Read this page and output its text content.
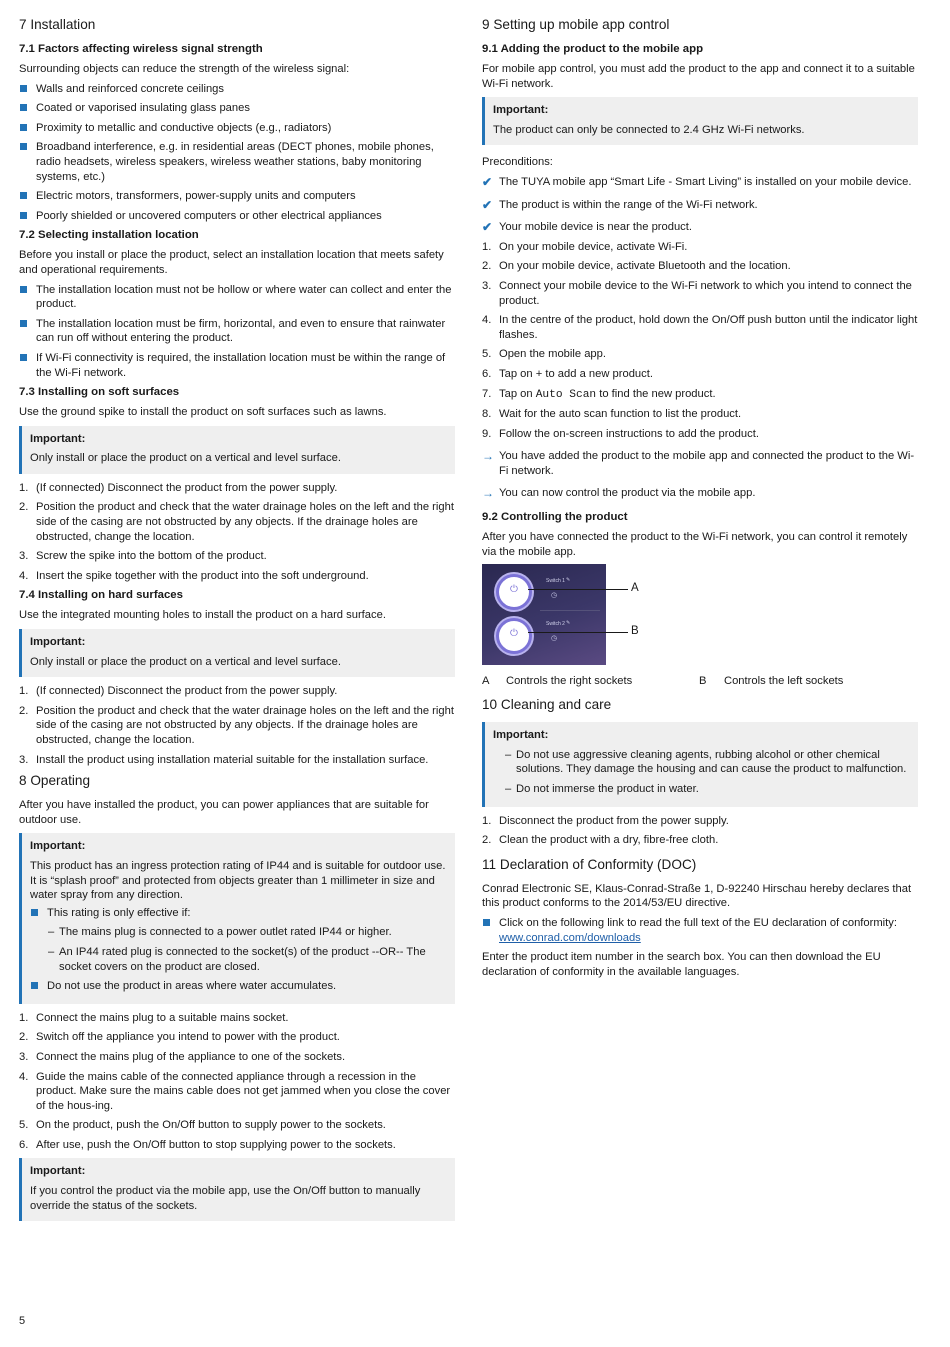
7 Installation
7.1 Factors affecting wireless signal strength

Surrounding objects can reduce the strength of the wireless signal:

Walls and reinforced concrete ceilings
Coated or vaporised insulating glass panes
Proximity to metallic and conductive objects (e.g., radiators)
Broadband interference, e.g. in residential areas (DECT phones, mobile phones, radio headsets, wireless speakers, wireless weather stations, baby monitoring systems, etc.)
Electric motors, transformers, power-supply units and computers
Poorly shielded or uncovered computers or other electrical appliances
7.2 Selecting installation location

Before you install or place the product, select an installation location that meets safety and operational requirements.

The installation location must not be hollow or where water can collect and enter the product.
The installation location must be firm, horizontal, and even to ensure that rainwater can run off without entering the product.
If Wi-Fi connectivity is required, the installation location must be within the range of the Wi-Fi network.
7.3 Installing on soft surfaces

Use the ground spike to install the product on soft surfaces such as lawns.

Important:

Only install or place the product on a vertical and level surface.

1. (If connected) Disconnect the product from the power supply.
2. Position the product and check that the water drainage holes on the left and the right side of the casing are not obstructed by any objects. If the drainage holes are obstructed, change the location.
3. Screw the spike into the bottom of the product.
4. Insert the spike together with the product into the soft underground.
7.4 Installing on hard surfaces

Use the integrated mounting holes to install the product on a hard surface.

Important:

Only install or place the product on a vertical and level surface.

1. (If connected) Disconnect the product from the power supply.
2. Position the product and check that the water drainage holes on the left and the right side of the casing are not obstructed by any objects. If the drainage holes are obstructed, change the location.
3. Install the product using installation material suitable for the installation surface.
8 Operating

After you have installed the product, you can power appliances that are suitable for outdoor use.

Important:

This product has an ingress protection rating of IP44 and is suitable for outdoor use. It is “splash proof” and protected from objects greater than 1 millimeter in size and water spray from any direction.

This rating is only effective if:
– The mains plug is connected to a power outlet rated IP44 or higher.
– An IP44 rated plug is connected to the socket(s) of the product --OR-- The socket covers on the product are closed.
Do not use the product in areas where water accumulates.
1. Connect the mains plug to a suitable mains socket.
2. Switch off the appliance you intend to power with the product.
3. Connect the mains plug of the appliance to one of the sockets.
4. Guide the mains cable of the connected appliance through a recession in the product. Make sure the mains cable does not get jammed when you close the cover of the hous-ing.
5. On the product, push the On/Off button to supply power to the sockets.
6. After use, push the On/Off button to stop supplying power to the sockets.
Important:

If you control the product via the mobile app, use the On/Off button to manually override the status of the sockets.

9 Setting up mobile app control
9.1 Adding the product to the mobile app

For mobile app control, you must add the product to the app and connect it to a suitable Wi-Fi network.

Important:

The product can only be connected to 2.4 GHz Wi-Fi networks.

Preconditions:

✔ The TUYA mobile app “Smart Life - Smart Living” is installed on your mobile device.
✔ The product is within the range of the Wi-Fi network.
✔ Your mobile device is near the product.
1. On your mobile device, activate Wi-Fi.
2. On your mobile device, activate Bluetooth and the location.
3. Connect your mobile device to the Wi-Fi network to which you intend to connect the product.
4. In the centre of the product, hold down the On/Off push button until the indicator light flashes.
5. Open the mobile app.
6. Tap on + to add a new product.
7. Tap on Auto Scan to find the new product.
8. Wait for the auto scan function to list the product.
9. Follow the on-screen instructions to add the product.
→ You have added the product to the mobile app and connected the product to the Wi-Fi network.
→ You can now control the product via the mobile app.
9.2 Controlling the product

After you have connected the product to the Wi-Fi network, you can control it remotely via the mobile app.

⏻
Switch 1 ✎
◷
⏻
Switch 2 ✎
◷
A
B
A Controls the right sockets	B Controls the left sockets
10 Cleaning and care
Important:
– Do not use aggressive cleaning agents, rubbing alcohol or other chemical solutions. They damage the housing and can cause the product to malfunction.
– Do not immerse the product in water.
1. Disconnect the product from the power supply.
2. Clean the product with a dry, fibre-free cloth.
11 Declaration of Conformity (DOC)

Conrad Electronic SE, Klaus-Conrad-Straße 1, D-92240 Hirschau hereby declares that this product conforms to the 2014/53/EU directive.

Click on the following link to read the full text of the EU declaration of conformity:
www.conrad.com/downloads

Enter the product item number in the search box. You can then download the EU declaration of conformity in the available languages.

5
